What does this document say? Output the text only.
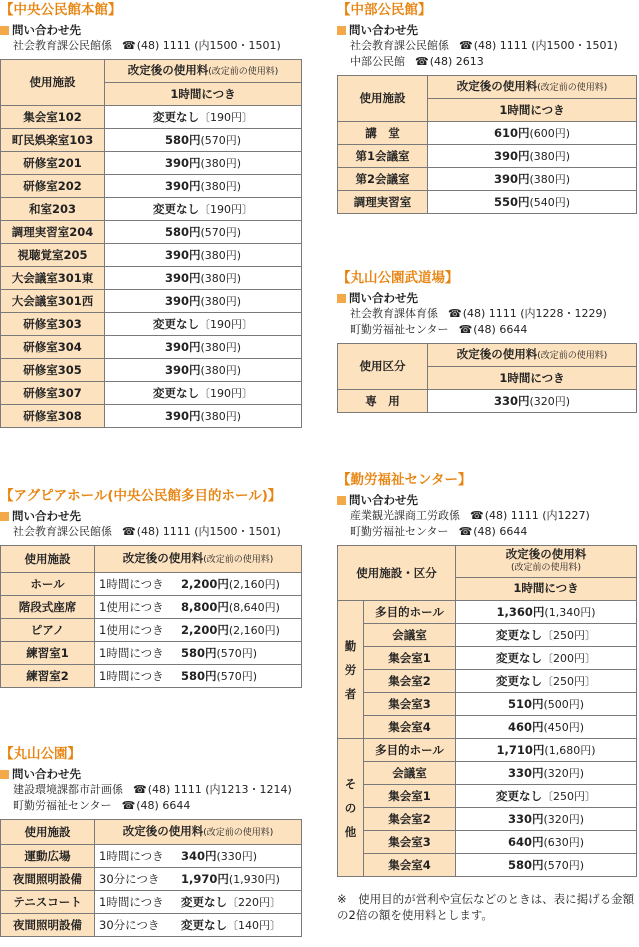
【中央公民館本館】
問い合わせ先
社会教育課公民館係 ☎(48) 1111 (内1500・1501)
使用施設	改定後の使用料(改定前の使用料)
	1時間につき
集会室102	変更なし〔190円〕
町民娯楽室103	580円(570円)
研修室201	390円(380円)
研修室202	390円(380円)
和室203	変更なし〔190円〕
調理実習室204	580円(570円)
視聴覚室205	390円(380円)
大会議室301東	390円(380円)
大会議室301西	390円(380円)
研修室303	変更なし〔190円〕
研修室304	390円(380円)
研修室305	390円(380円)
研修室307	変更なし〔190円〕
研修室308	390円(380円)
【中部公民館】
問い合わせ先
社会教育課公民館係 ☎(48) 1111 (内1500・1501)
中部公民館 ☎(48) 2613
使用施設	改定後の使用料(改定前の使用料)
	1時間につき
講　堂	610円(600円)
第1会議室	390円(380円)
第2会議室	390円(380円)
調理実習室	550円(540円)
【丸山公園武道場】
問い合わせ先
社会教育課体育係 ☎(48) 1111 (内1228・1229)
町勤労福祉センター ☎(48) 6644
使用区分	改定後の使用料(改定前の使用料)
	1時間につき
専　用	330円(320円)
【アグピアホール(中央公民館多目的ホール)】
問い合わせ先
社会教育課公民館係 ☎(48) 1111 (内1500・1501)
使用施設	改定後の使用料(改定前の使用料)
ホール	1時間につき 2,200円(2,160円)
階段式座席	1使用につき 8,800円(8,640円)
ピアノ	1使用につき 2,200円(2,160円)
練習室1	1時間につき 580円(570円)
練習室2	1時間につき 580円(570円)
【丸山公園】
問い合わせ先
建設環境課都市計画係 ☎(48) 1111 (内1213・1214)
町勤労福祉センター ☎(48) 6644
使用施設	改定後の使用料(改定前の使用料)
運動広場	1時間につき 340円(330円)
夜間照明設備	30分につき 1,970円(1,930円)
テニスコート	1時間につき 変更なし〔220円〕
夜間照明設備	30分につき 変更なし〔140円〕
【勤労福祉センター】
問い合わせ先
産業観光課商工労政係 ☎(48) 1111 (内1227)
町勤労福祉センター ☎(48) 6644
使用施設・区分		改定後の使用料
(改定前の使用料)
		1時間につき
勤労者	多目的ホール	1,360円(1,340円)
	会議室	変更なし〔250円〕
	集会室1	変更なし〔200円〕
	集会室2	変更なし〔250円〕
	集会室3	510円(500円)
	集会室4	460円(450円)
その他	多目的ホール	1,710円(1,680円)
	会議室	330円(320円)
	集会室1	変更なし〔250円〕
	集会室2	330円(320円)
	集会室3	640円(630円)
	集会室4	580円(570円)
※　 使用目的が営利や宣伝などのときは、表に掲げる金額の2倍の額を使用料とします。
